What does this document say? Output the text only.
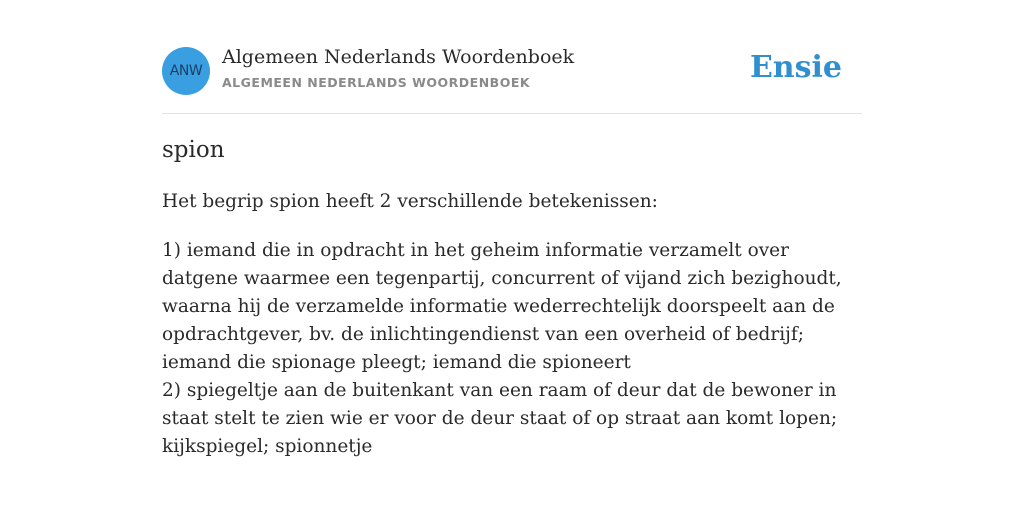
ANW
Algemeen Nederlands Woordenboek
ALGEMEEN NEDERLANDS WOORDENBOEK	Ensie
spion
Het begrip spion heeft 2 verschillende betekenissen:

1) iemand die in opdracht in het geheim informatie verzamelt over datgene waarmee een tegenpartij, concurrent of vijand zich bezighoudt, waarna hij de verzamelde informatie wederrechtelijk doorspeelt aan de opdrachtgever, bv. de inlichtingendienst van een overheid of bedrijf; iemand die spionage pleegt; iemand die spioneert

2) spiegeltje aan de buitenkant van een raam of deur dat de bewoner in staat stelt te zien wie er voor de deur staat of op straat aan komt lopen; kijkspiegel; spionnetje
